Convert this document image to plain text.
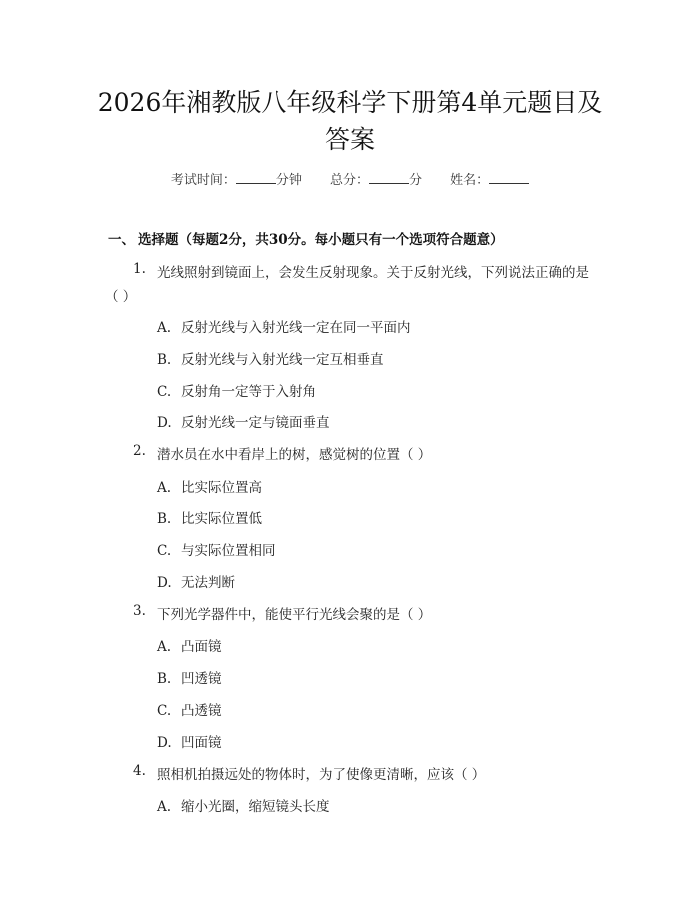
2026年湘教版八年级科学下册第4单元题目及答案
考试时间：	分钟 总分：	分 姓名：
一、 选择题（每题2分，共30分。每小题只有一个选项符合题意）
1. 光线照射到镜面上，会发生反射现象。关于反射光线，下列说法正确的是
（ ）
A. 反射光线与入射光线一定在同一平面内
B. 反射光线与入射光线一定互相垂直
C. 反射角一定等于入射角
D. 反射光线一定与镜面垂直
2. 潜水员在水中看岸上的树，感觉树的位置（ ）
A. 比实际位置高
B. 比实际位置低
C. 与实际位置相同
D. 无法判断
3. 下列光学器件中，能使平行光线会聚的是（ ）
A. 凸面镜
B. 凹透镜
C. 凸透镜
D. 凹面镜
4. 照相机拍摄远处的物体时，为了使像更清晰，应该（ ）
A. 缩小光圈，缩短镜头长度
